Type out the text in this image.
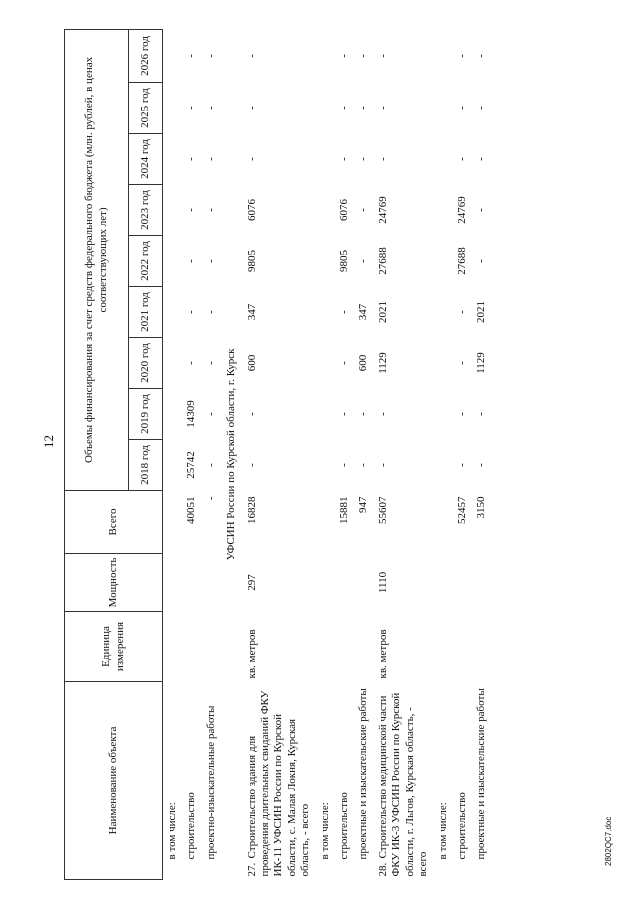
12
2802QC7.doc
Наименование объекта	Единица измерения	Мощность	Всего	Объемы финансирования за счет средств федерального бюджета (млн. рублей, в ценах соответствующих лет)								
				2018 год	2019 год	2020 год	2021 год	2022 год	2023 год	2024 год	2025 год	2026 год
в том числе:												
строительство			40051	25742	14309	-	-	-	-	-	-	-
проектно-изыскательные работы			-	-	-	-	-	-	-	-	-	-
УФСИН России по Курской области, г. Курск												
27.Строительство здания для проведения длительных свиданий ФКУ ИК-11 УФСИН России по Курской области, с. Малая Локня, Курская область, - всего	кв. метров	297	16828	-	-	600	347	9805	6076	-	-	-
в том числе:												
строительство			15881	-	-	-	-	9805	6076	-	-	-
проектные и изыскательские работы			947	-	-	600	347	-	-	-	-	-
28.Строительство медицинской части ФКУ ИК-3 УФСИН России по Курской области, г. Льгов, Курская область, - всего	кв. метров	1110	55607	-	-	1129	2021	27688	24769	-	-	-
в том числе:												
строительство			52457	-	-	-	-	27688	24769	-	-	-
проектные и изыскательские работы			3150	-	-	1129	2021	-	-	-	-	-
